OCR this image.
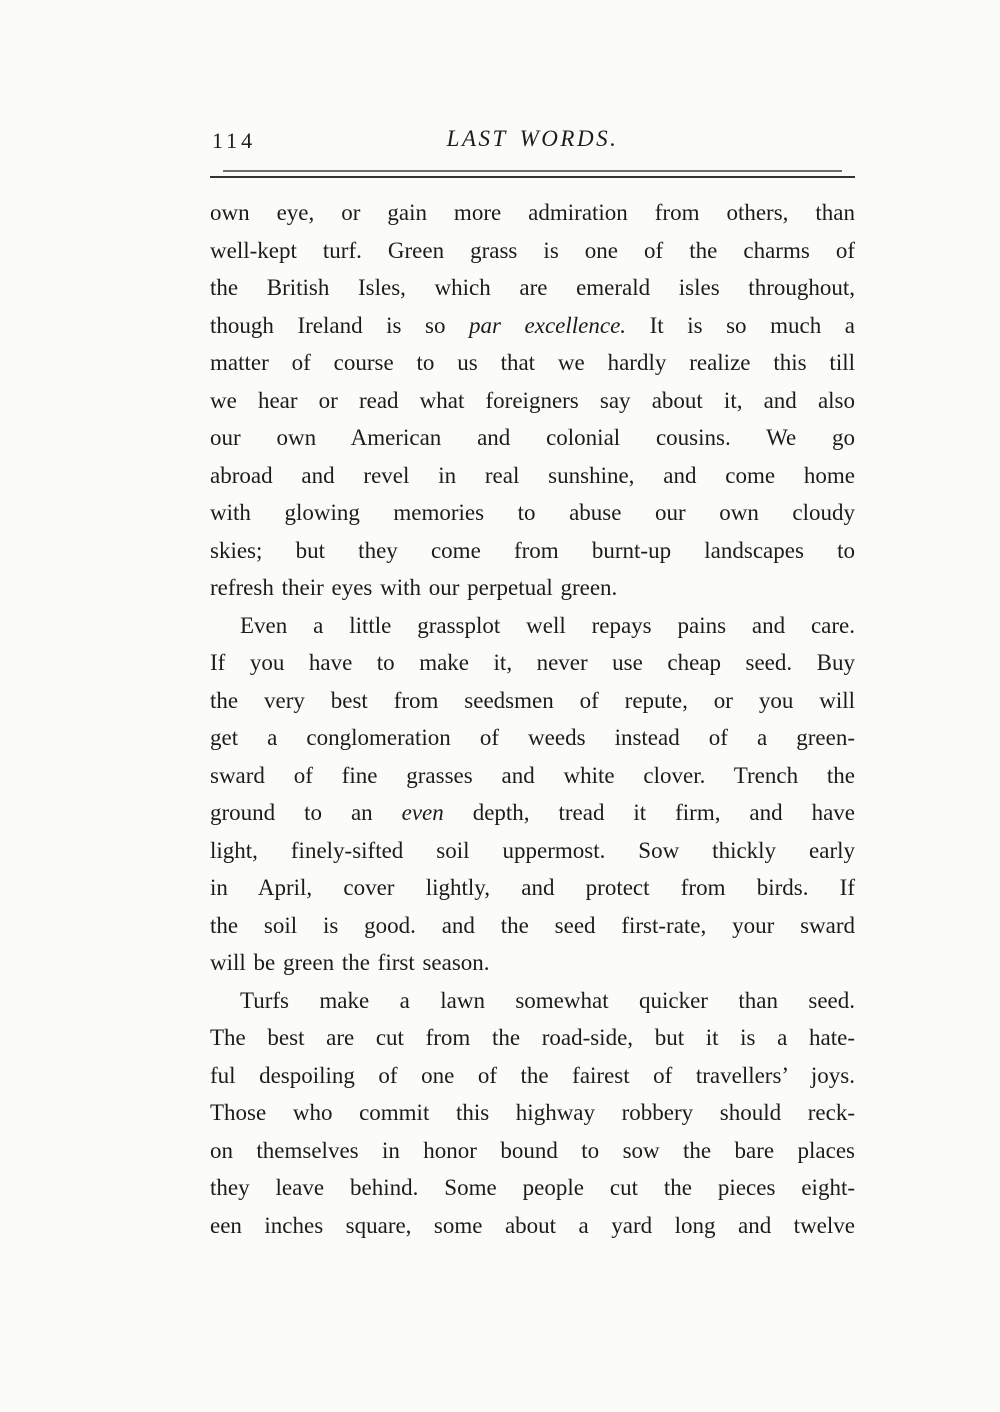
114	LAST WORDS.
own eye, or gain more admiration from others, than
well-kept turf. Green grass is one of the charms of
the British Isles, which are emerald isles throughout,
though Ireland is so par excellence. It is so much a
matter of course to us that we hardly realize this till
we hear or read what foreigners say about it, and also
our own American and colonial cousins. We go
abroad and revel in real sunshine, and come home
with glowing memories to abuse our own cloudy
skies; but they come from burnt-up landscapes to
refresh their eyes with our perpetual green.
Even a little grassplot well repays pains and care.
If you have to make it, never use cheap seed. Buy
the very best from seedsmen of repute, or you will
get a conglomeration of weeds instead of a green-
sward of fine grasses and white clover. Trench the
ground to an even depth, tread it firm, and have
light, finely-sifted soil uppermost. Sow thickly early
in April, cover lightly, and protect from birds. If
the soil is good. and the seed first-rate, your sward
will be green the first season.
Turfs make a lawn somewhat quicker than seed.
The best are cut from the road-side, but it is a hate-
ful despoiling of one of the fairest of travellers’ joys.
Those who commit this highway robbery should reck-
on themselves in honor bound to sow the bare places
they leave behind. Some people cut the pieces eight-
een inches square, some about a yard long and twelve
